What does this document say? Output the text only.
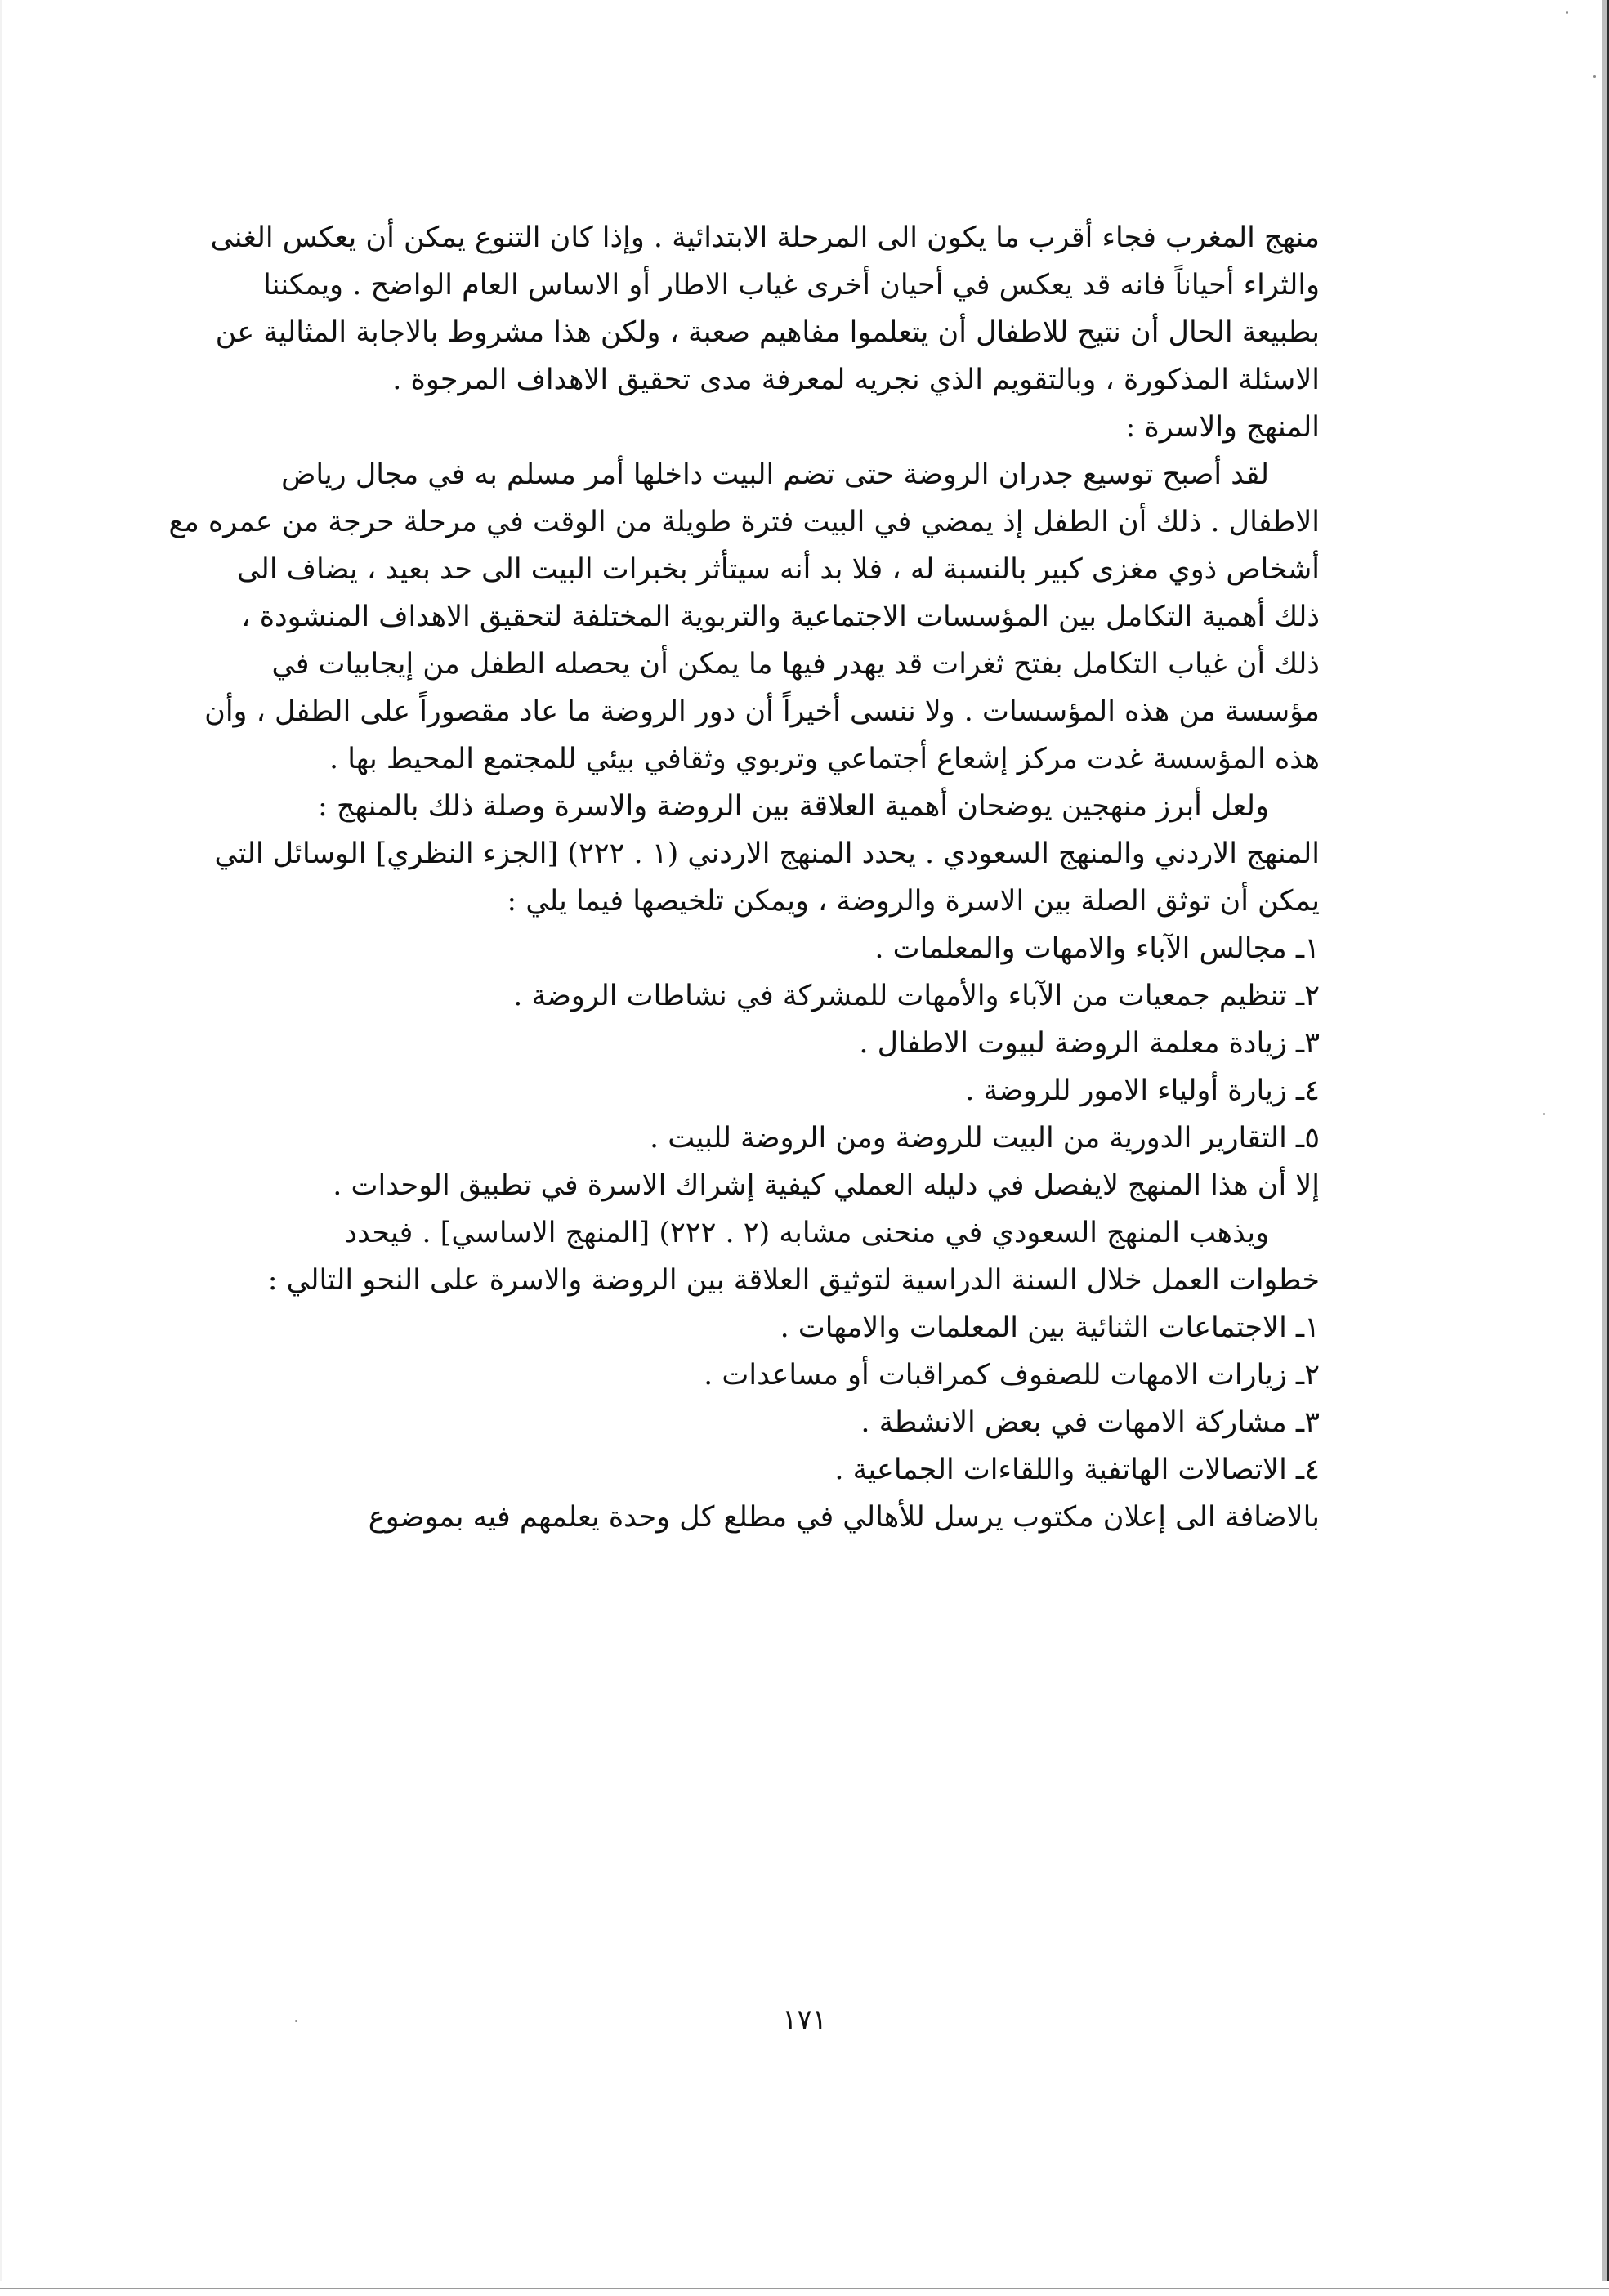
منهج المغرب فجاء أقرب ما يكون الى المرحلة الابتدائية . وإذا كان التنوع يمكن أن يعكس الغنى
والثراء أحياناً فانه قد يعكس في أحيان أخرى غياب الاطار أو الاساس العام الواضح . ويمكننا
بطبيعة الحال أن نتيح للاطفال أن يتعلموا مفاهيم صعبة ، ولكن هذا مشروط بالاجابة المثالية عن
الاسئلة المذكورة ، وبالتقويم الذي نجريه لمعرفة مدى تحقيق الاهداف المرجوة .
المنهج والاسرة :
لقد أصبح توسيع جدران الروضة حتى تضم البيت داخلها أمر مسلم به في مجال رياض
الاطفال . ذلك أن الطفل إذ يمضي في البيت فترة طويلة من الوقت في مرحلة حرجة من عمره مع
أشخاص ذوي مغزى كبير بالنسبة له ، فلا بد أنه سيتأثر بخبرات البيت الى حد بعيد ، يضاف الى
ذلك أهمية التكامل بين المؤسسات الاجتماعية والتربوية المختلفة لتحقيق الاهداف المنشودة ،
ذلك أن غياب التكامل بفتح ثغرات قد يهدر فيها ما يمكن أن يحصله الطفل من إيجابيات في
مؤسسة من هذه المؤسسات . ولا ننسى أخيراً أن دور الروضة ما عاد مقصوراً على الطفل ، وأن
هذه المؤسسة غدت مركز إشعاع أجتماعي وتربوي وثقافي بيئي للمجتمع المحيط بها .
ولعل أبرز منهجين يوضحان أهمية العلاقة بين الروضة والاسرة وصلة ذلك بالمنهج :
المنهج الاردني والمنهج السعودي . يحدد المنهج الاردني (١ . ٢٢٢) [الجزء النظري] الوسائل التي
يمكن أن توثق الصلة بين الاسرة والروضة ، ويمكن تلخيصها فيما يلي :
١ـ مجالس الآباء والامهات والمعلمات .
٢ـ تنظيم جمعيات من الآباء والأمهات للمشركة في نشاطات الروضة .
٣ـ زيادة معلمة الروضة لبيوت الاطفال .
٤ـ زيارة أولياء الامور للروضة .
٥ـ التقارير الدورية من البيت للروضة ومن الروضة للبيت .
إلا أن هذا المنهج لايفصل في دليله العملي كيفية إشراك الاسرة في تطبيق الوحدات .
ويذهب المنهج السعودي في منحنى مشابه (٢ . ٢٢٢) [المنهج الاساسي] . فيحدد
خطوات العمل خلال السنة الدراسية لتوثيق العلاقة بين الروضة والاسرة على النحو التالي :
١ـ الاجتماعات الثنائية بين المعلمات والامهات .
٢ـ زيارات الامهات للصفوف كمراقبات أو مساعدات .
٣ـ مشاركة الامهات في بعض الانشطة .
٤ـ الاتصالات الهاتفية واللقاءات الجماعية .
بالاضافة الى إعلان مكتوب يرسل للأهالي في مطلع كل وحدة يعلمهم فيه بموضوع
١٧١
